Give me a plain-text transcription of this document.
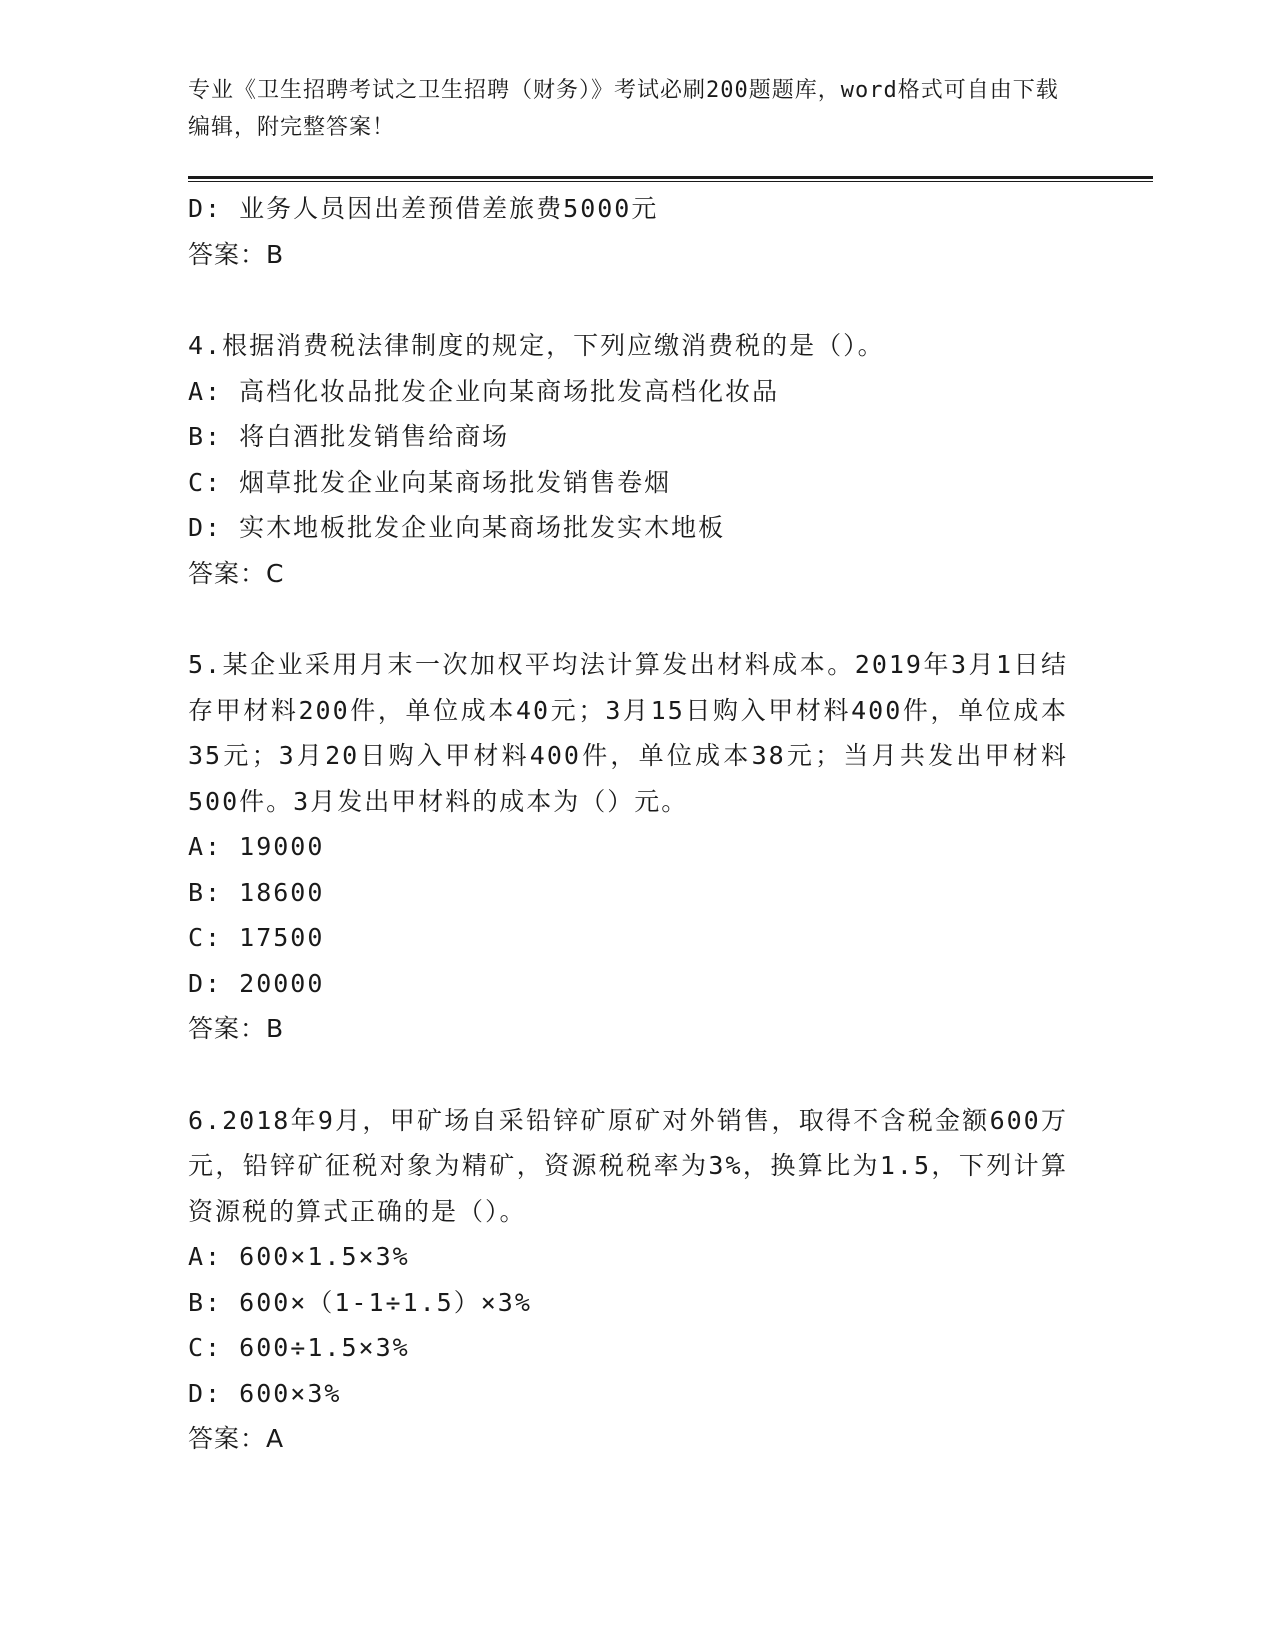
专业《卫生招聘考试之卫生招聘（财务）》考试必刷200题题库，word格式可自由下载编辑，附完整答案！
D: 业务人员因出差预借差旅费5000元
答案：B
4.根据消费税法律制度的规定，下列应缴消费税的是（）。
A: 高档化妆品批发企业向某商场批发高档化妆品
B: 将白酒批发销售给商场
C: 烟草批发企业向某商场批发销售卷烟
D: 实木地板批发企业向某商场批发实木地板
答案：C
5.某企业采用月末一次加权平均法计算发出材料成本。2019年3月1日结存甲材料200件，单位成本40元；3月15日购入甲材料400件，单位成本35元；3月20日购入甲材料400件，单位成本38元；当月共发出甲材料500件。3月发出甲材料的成本为（）元。
A: 19000
B: 18600
C: 17500
D: 20000
答案：B
6.2018年9月，甲矿场自采铅锌矿原矿对外销售，取得不含税金额600万元，铅锌矿征税对象为精矿，资源税税率为3%，换算比为1.5，下列计算资源税的算式正确的是（）。
A: 600×1.5×3%
B: 600×（1-1÷1.5）×3%
C: 600÷1.5×3%
D: 600×3%
答案：A
